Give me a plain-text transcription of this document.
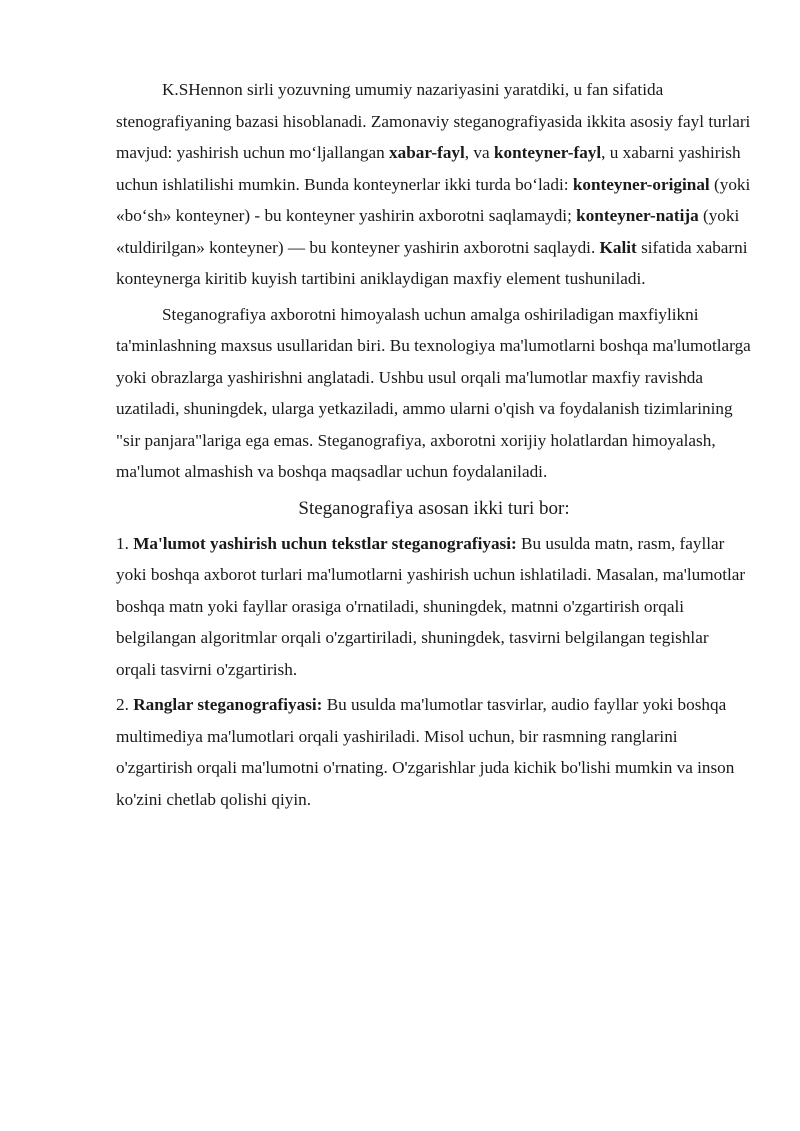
K.SHennon sirli yozuvning umumiy nazariyasini yaratdiki, u fan sifatida stenografiyaning bazasi hisoblanadi. Zamonaviy steganografiyasida ikkita asosiy fayl turlari mavjud: yashirish uchun mo‘ljallangan xabar-fayl, va konteyner-fayl, u xabarni yashirish uchun ishlatilishi mumkin. Bunda konteynerlar ikki turda bo‘ladi: konteyner-original (yoki «bo‘sh» konteyner) - bu konteyner yashirin axborotni saqlamaydi; konteyner-natija (yoki «tuldirilgan» konteyner) — bu konteyner yashirin axborotni saqlaydi. Kalit sifatida xabarni konteynerga kiritib kuyish tartibini aniklaydigan maxfiy element tushuniladi.

Steganografiya axborotni himoyalash uchun amalga oshiriladigan maxfiylikni ta'minlashning maxsus usullaridan biri. Bu texnologiya ma'lumotlarni boshqa ma'lumotlarga yoki obrazlarga yashirishni anglatadi. Ushbu usul orqali ma'lumotlar maxfiy ravishda uzatiladi, shuningdek, ularga yetkaziladi, ammo ularni o'qish va foydalanish tizimlarining "sir panjara"lariga ega emas. Steganografiya, axborotni xorijiy holatlardan himoyalash, ma'lumot almashish va boshqa maqsadlar uchun foydalaniladi.

Steganografiya asosan ikki turi bor:

1. Ma'lumot yashirish uchun tekstlar steganografiyasi: Bu usulda matn, rasm, fayllar yoki boshqa axborot turlari ma'lumotlarni yashirish uchun ishlatiladi. Masalan, ma'lumotlar boshqa matn yoki fayllar orasiga o'rnatiladi, shuningdek, matnni o'zgartirish orqali belgilangan algoritmlar orqali o'zgartiriladi, shuningdek, tasvirni belgilangan tegishlar orqali tasvirni o'zgartirish.

2. Ranglar steganografiyasi: Bu usulda ma'lumotlar tasvirlar, audio fayllar yoki boshqa multimediya ma'lumotlari orqali yashiriladi. Misol uchun, bir rasmning ranglarini o'zgartirish orqali ma'lumotni o'rnating. O'zgarishlar juda kichik bo'lishi mumkin va inson ko'zini chetlab qolishi qiyin.
